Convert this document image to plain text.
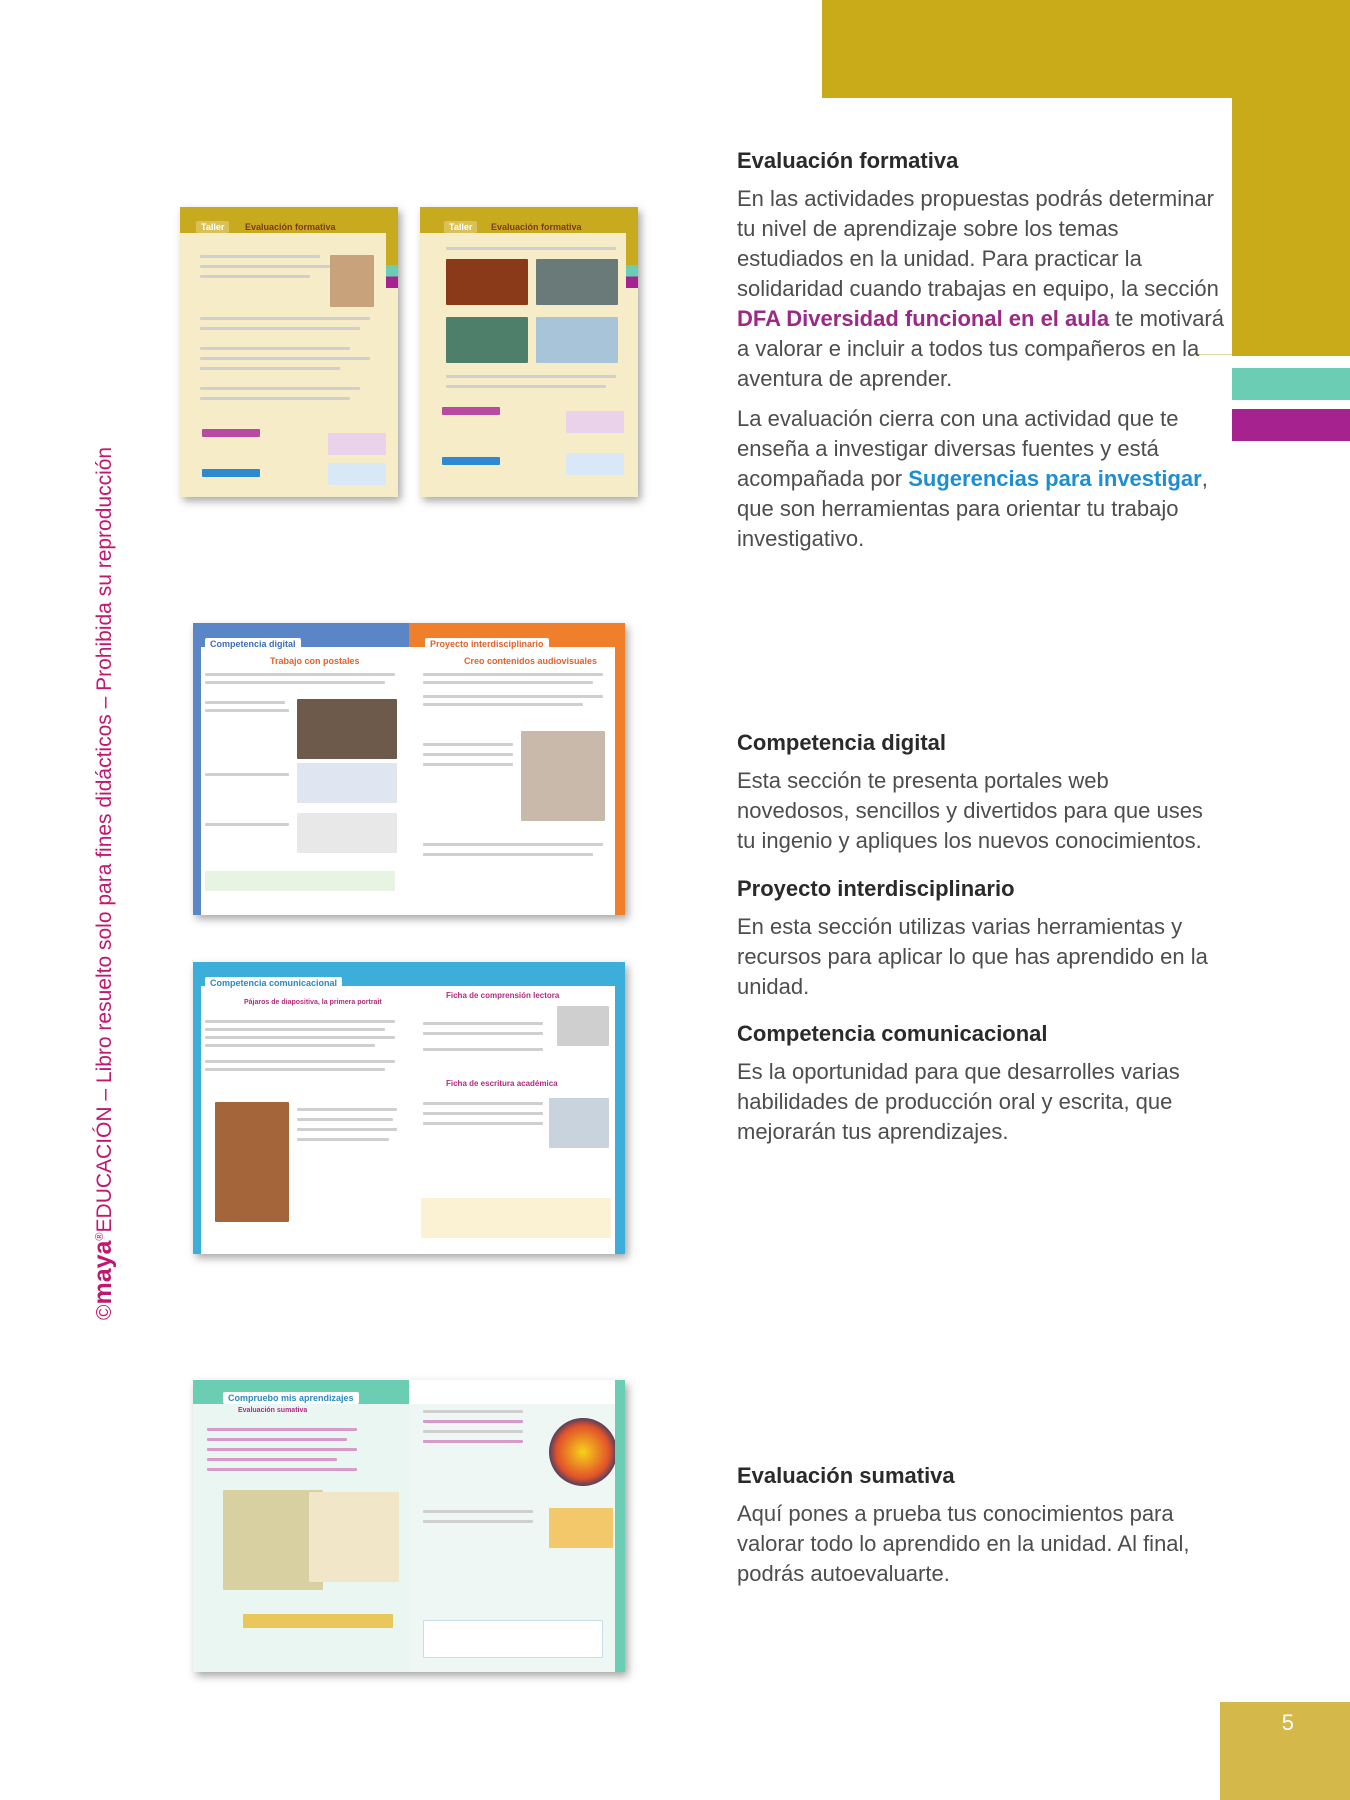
5
©maya®EDUCACIÓN – Libro resuelto solo para fines didácticos – Prohibida su reproducción
Taller	Evaluación formativa	Taller	Evaluación formativa
Competencia digital
Trabajo con postales
Proyecto interdisciplinario
Creo contenidos audiovisuales
Competencia comunicacional
Pájaros de diapositiva, la primera portrait
Ficha de comprensión lectora
Ficha de escritura académica
Compruebo mis aprendizajes
Evaluación sumativa
Evaluación formativa

En las actividades propuestas podrás determinar tu nivel de aprendizaje sobre los temas estudiados en la unidad. Para practicar la solidaridad cuando trabajas en equipo, la sección DFA Diversidad funcional en el aula te motivará a valorar e incluir a todos tus compañeros en la aventura de aprender.

La evaluación cierra con una actividad que te enseña a investigar diversas fuentes y está acompañada por Sugerencias para investigar, que son herramientas para orientar tu trabajo investigativo.

Competencia digital

Esta sección te presenta portales web novedosos, sencillos y divertidos para que uses tu ingenio y apliques los nuevos conocimientos.

Proyecto interdisciplinario

En esta sección utilizas varias herramientas y recursos para aplicar lo que has aprendido en la unidad.

Competencia comunicacional

Es la oportunidad para que desarrolles varias habilidades de producción oral y escrita, que mejorarán tus aprendizajes.

Evaluación sumativa

Aquí pones a prueba tus conocimientos para valorar todo lo aprendido en la unidad. Al final, podrás autoevaluarte.
